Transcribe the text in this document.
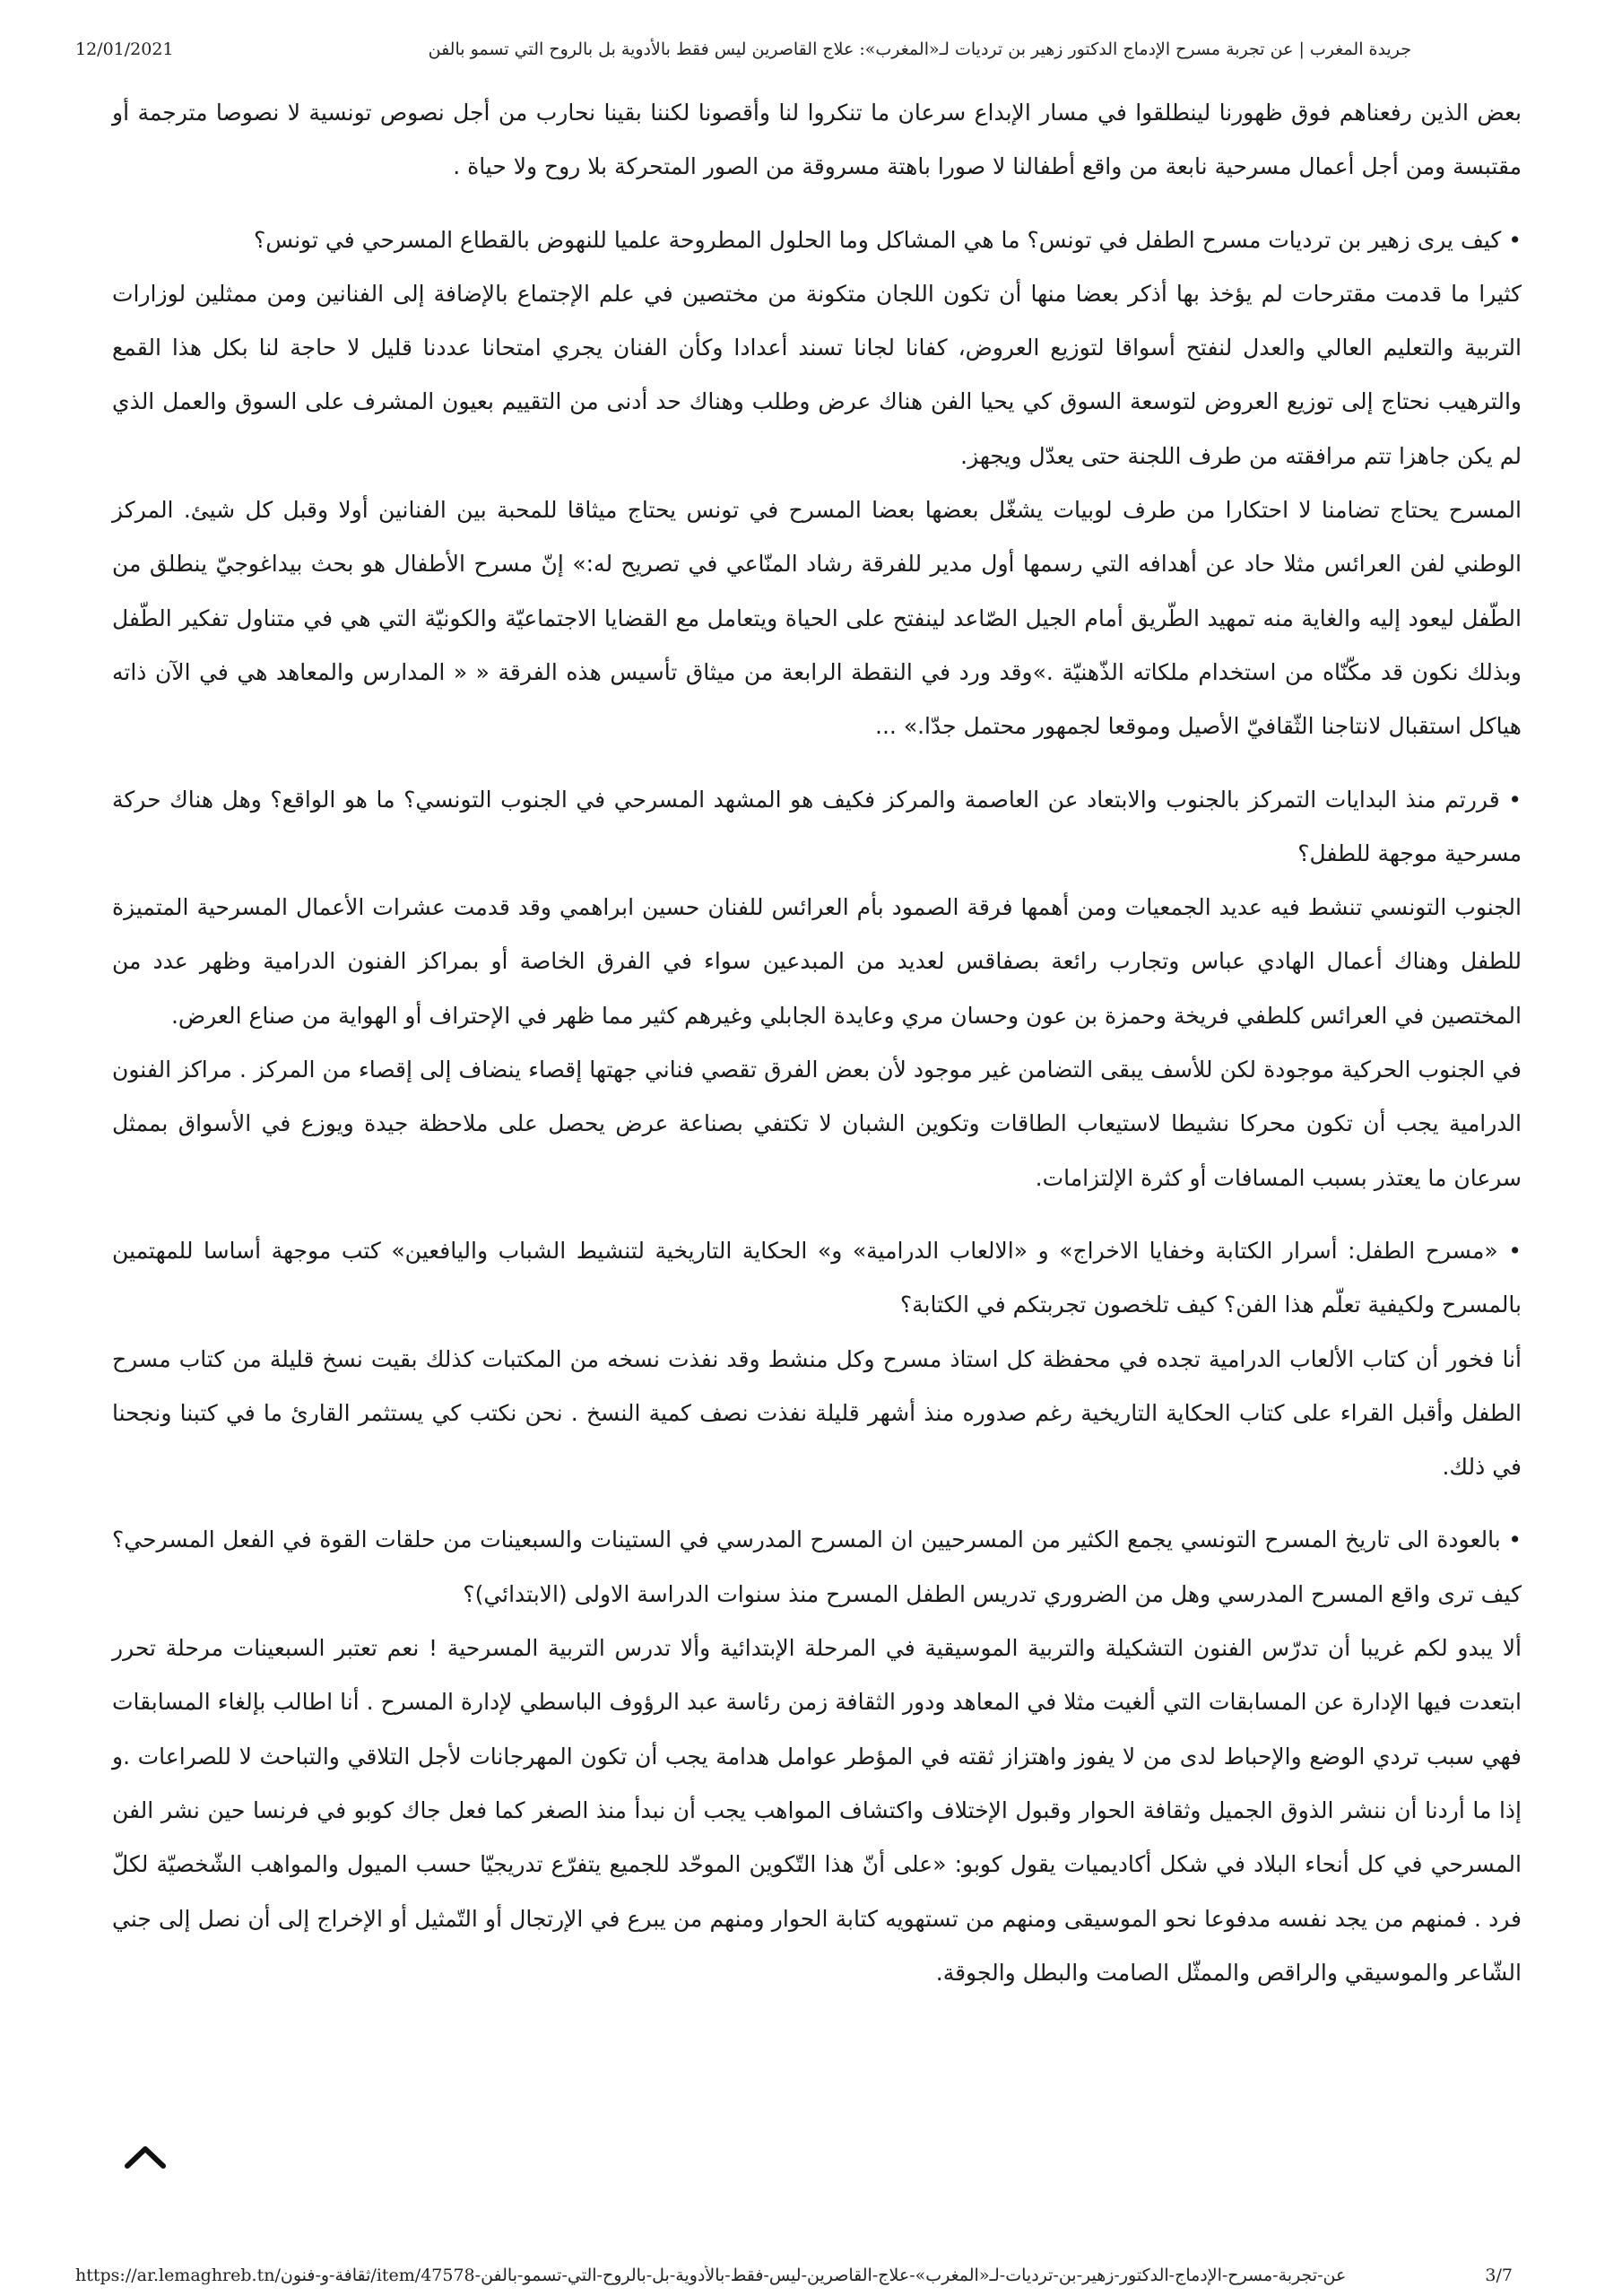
12/01/2021	جريدة المغرب | عن تجربة مسرح الإدماج الدكتور زهير بن ترديات لـ«المغرب»: علاج القاصرين ليس فقط بالأدوية بل بالروح التي تسمو بالفن

بعض الذين رفعناهم فوق ظهورنا لينطلقوا في مسار الإبداع سرعان ما تنكروا لنا وأقصونا لكننا بقينا نحارب من أجل نصوص تونسية لا نصوصا مترجمة أو مقتبسة ومن أجل أعمال مسرحية نابعة من واقع أطفالنا لا صورا باهتة مسروقة من الصور المتحركة بلا روح ولا حياة .

• كيف يرى زهير بن ترديات مسرح الطفل في تونس؟ ما هي المشاكل وما الحلول المطروحة علميا للنهوض بالقطاع المسرحي في تونس؟

كثيرا ما قدمت مقترحات لم يؤخذ بها أذكر بعضا منها أن تكون اللجان متكونة من مختصين في علم الإجتماع بالإضافة إلى الفنانين ومن ممثلين لوزارات التربية والتعليم العالي والعدل لنفتح أسواقا لتوزيع العروض، كفانا لجانا تسند أعدادا وكأن الفنان يجري امتحانا عددنا قليل لا حاجة لنا بكل هذا القمع والترهيب نحتاج إلى توزيع العروض لتوسعة السوق كي يحيا الفن هناك عرض وطلب وهناك حد أدنى من التقييم بعيون المشرف على السوق والعمل الذي لم يكن جاهزا تتم مرافقته من طرف اللجنة حتى يعدّل ويجهز.

المسرح يحتاج تضامنا لا احتكارا من طرف لوبيات يشغّل بعضها بعضا المسرح في تونس يحتاج ميثاقا للمحبة بين الفنانين أولا وقبل كل شيئ. المركز الوطني لفن العرائس مثلا حاد عن أهدافه التي رسمها أول مدير للفرقة رشاد المنّاعي في تصريح له:» إنّ مسرح الأطفال هو بحث بيداغوجيّ ينطلق من الطّفل ليعود إليه والغاية منه تمهيد الطّريق أمام الجيل الصّاعد لينفتح على الحياة ويتعامل مع القضايا الاجتماعيّة والكونيّة التي هي في متناول تفكير الطّفل وبذلك نكون قد مكّنّاه من استخدام ملكاته الذّهنيّة .»وقد ورد في النقطة الرابعة من ميثاق تأسيس هذه الفرقة « « المدارس والمعاهد هي في الآن ذاته هياكل استقبال لانتاجنا الثّقافيّ الأصيل وموقعا لجمهور محتمل جدّا.» ...

• قررتم منذ البدايات التمركز بالجنوب والابتعاد عن العاصمة والمركز فكيف هو المشهد المسرحي في الجنوب التونسي؟ ما هو الواقع؟ وهل هناك حركة مسرحية موجهة للطفل؟

الجنوب التونسي تنشط فيه عديد الجمعيات ومن أهمها فرقة الصمود بأم العرائس للفنان حسين ابراهمي وقد قدمت عشرات الأعمال المسرحية المتميزة للطفل وهناك أعمال الهادي عباس وتجارب رائعة بصفاقس لعديد من المبدعين سواء في الفرق الخاصة أو بمراكز الفنون الدرامية وظهر عدد من المختصين في العرائس كلطفي فريخة وحمزة بن عون وحسان مري وعايدة الجابلي وغيرهم كثير مما ظهر في الإحتراف أو الهواية من صناع العرض.

في الجنوب الحركية موجودة لكن للأسف يبقى التضامن غير موجود لأن بعض الفرق تقصي فناني جهتها إقصاء ينضاف إلى إقصاء من المركز . مراكز الفنون الدرامية يجب أن تكون محركا نشيطا لاستيعاب الطاقات وتكوين الشبان لا تكتفي بصناعة عرض يحصل على ملاحظة جيدة ويوزع في الأسواق بممثل سرعان ما يعتذر بسبب المسافات أو كثرة الإلتزامات.

• «مسرح الطفل: أسرار الكتابة وخفايا الاخراج» و «الالعاب الدرامية» و» الحكاية التاريخية لتنشيط الشباب واليافعين» كتب موجهة أساسا للمهتمين بالمسرح ولكيفية تعلّم هذا الفن؟ كيف تلخصون تجربتكم في الكتابة؟

أنا فخور أن كتاب الألعاب الدرامية تجده في محفظة كل استاذ مسرح وكل منشط وقد نفذت نسخه من المكتبات كذلك بقيت نسخ قليلة من كتاب مسرح الطفل وأقبل القراء على كتاب الحكاية التاريخية رغم صدوره منذ أشهر قليلة نفذت نصف كمية النسخ . نحن نكتب كي يستثمر القارئ ما في كتبنا ونجحنا في ذلك.

• بالعودة الى تاريخ المسرح التونسي يجمع الكثير من المسرحيين ان المسرح المدرسي في الستينات والسبعينات من حلقات القوة في الفعل المسرحي؟ كيف ترى واقع المسرح المدرسي وهل من الضروري تدريس الطفل المسرح منذ سنوات الدراسة الاولى (الابتدائي)؟

ألا يبدو لكم غريبا أن تدرّس الفنون التشكيلة والتربية الموسيقية في المرحلة الإبتدائية وألا تدرس التربية المسرحية ! نعم تعتبر السبعينات مرحلة تحرر ابتعدت فيها الإدارة عن المسابقات التي ألغيت مثلا في المعاهد ودور الثقافة زمن رئاسة عبد الرؤوف الباسطي لإدارة المسرح . أنا اطالب بإلغاء المسابقات فهي سبب تردي الوضع والإحباط لدى من لا يفوز واهتزاز ثقته في المؤطر عوامل هدامة يجب أن تكون المهرجانات لأجل التلاقي والتباحث لا للصراعات .و إذا ما أردنا أن ننشر الذوق الجميل وثقافة الحوار وقبول الإختلاف واكتشاف المواهب يجب أن نبدأ منذ الصغر كما فعل جاك كوبو في فرنسا حين نشر الفن المسرحي في كل أنحاء البلاد في شكل أكاديميات يقول كوبو: «على أنّ هذا التّكوين الموحّد للجميع يتفرّع تدريجيّا حسب الميول والمواهب الشّخصيّة لكلّ فرد . فمنهم من يجد نفسه مدفوعا نحو الموسيقى ومنهم من تستهويه كتابة الحوار ومنهم من يبرع في الإرتجال أو التّمثيل أو الإخراج إلى أن نصل إلى جني الشّاعر والموسيقي والراقص والممثّل الصامت والبطل والجوقة.

https://ar.lemaghreb.tn/ثقافة-و-فنون/item/47578-عن-تجربة-مسرح-الإدماج-الدكتور-زهير-بن-ترديات-لـ«المغرب»-علاج-القاصرين-ليس-فقط-بالأدوية-بل-بالروح-التي-تسمو-بالفن	3/7
